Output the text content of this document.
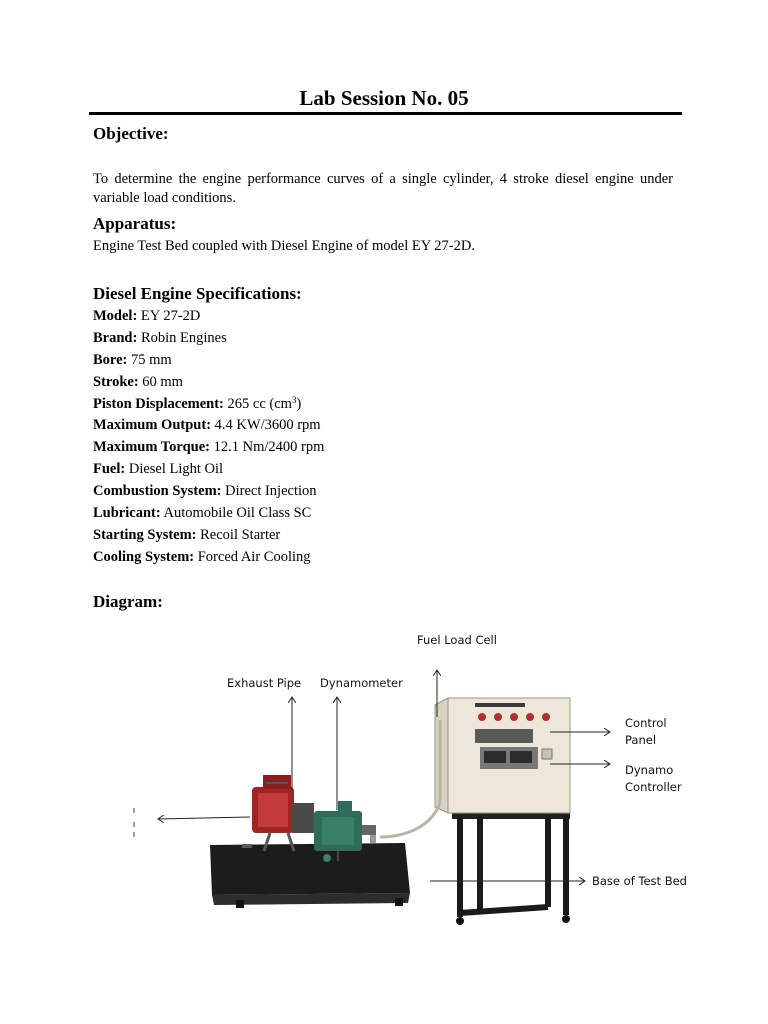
Lab Session No. 05
Objective:
To determine the engine performance curves of a single cylinder, 4 stroke diesel engine under variable load conditions.
Apparatus:
Engine Test Bed coupled with Diesel Engine of model EY 27-2D.
Diesel Engine Specifications:
Model: EY 27-2D
Brand: Robin Engines
Bore: 75 mm
Stroke: 60 mm
Piston Displacement: 265 cc $(cm^3)$
Maximum Output: 4.4 KW/3600 rpm
Maximum Torque: 12.1 Nm/2400 rpm
Fuel: Diesel Light Oil
Combustion System: Direct Injection
Lubricant: Automobile Oil Class SC
Starting System: Recoil Starter
Cooling System: Forced Air Cooling
Diagram:
Fuel Load Cell
Exhaust Pipe Dynamometer
Control
Panel
Dynamo
Controller
Base of Test Bed
